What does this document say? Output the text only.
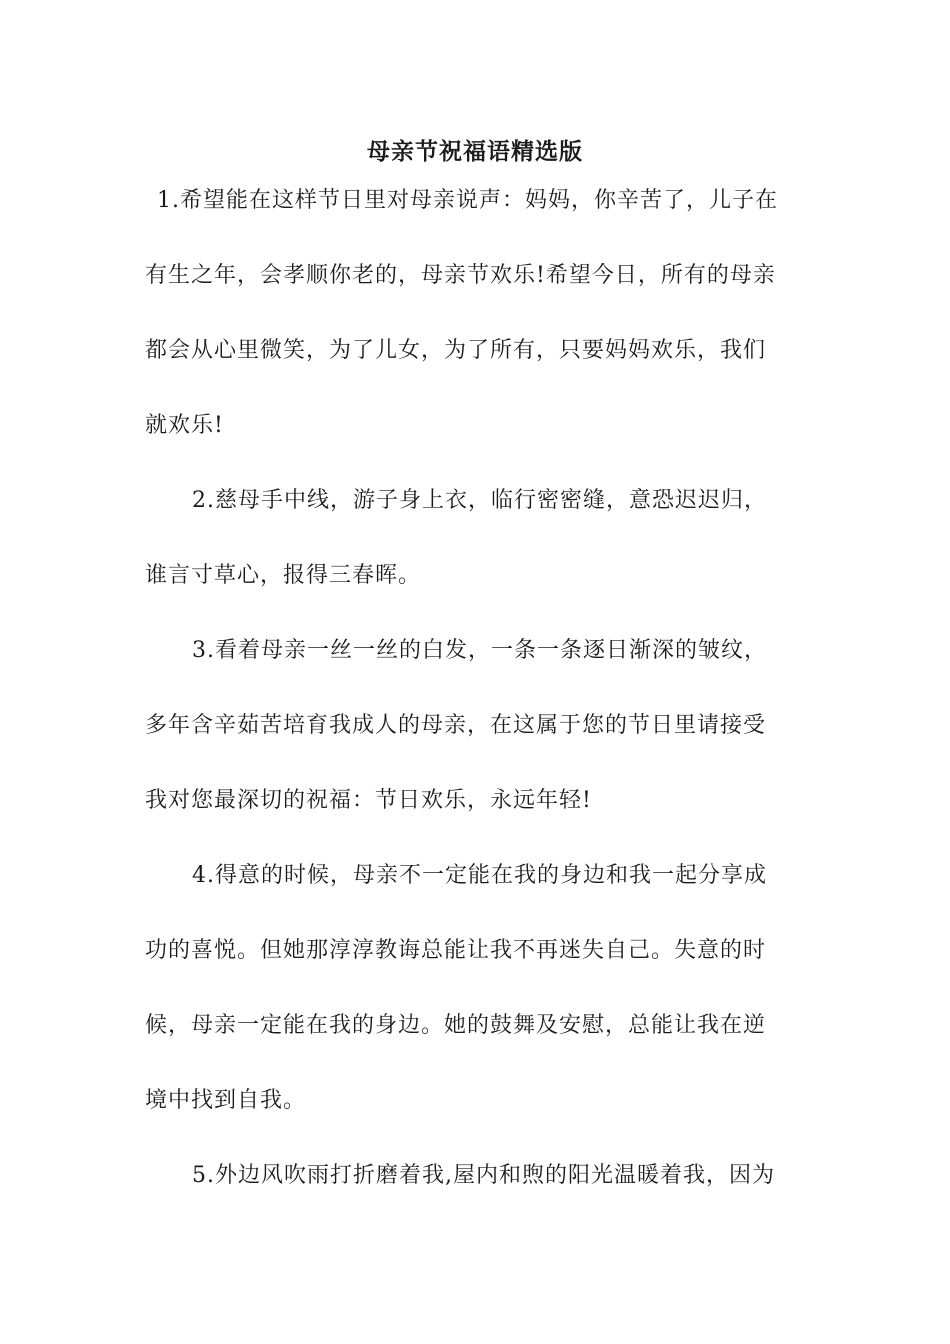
母亲节祝福语精选版
1.希望能在这样节日里对母亲说声：妈妈，你辛苦了，儿子在
有生之年，会孝顺你老的，母亲节欢乐!希望今日，所有的母亲
都会从心里微笑，为了儿女，为了所有，只要妈妈欢乐，我们
就欢乐!
2.慈母手中线，游子身上衣，临行密密缝，意恐迟迟归，
谁言寸草心，报得三春晖。
3.看着母亲一丝一丝的白发，一条一条逐日渐深的皱纹，
多年含辛茹苦培育我成人的母亲，在这属于您的节日里请接受
我对您最深切的祝福：节日欢乐，永远年轻!
4.得意的时候，母亲不一定能在我的身边和我一起分享成
功的喜悦。但她那淳淳教诲总能让我不再迷失自己。失意的时
候，母亲一定能在我的身边。她的鼓舞及安慰，总能让我在逆
境中找到自我。
5.外边风吹雨打折磨着我,屋内和煦的阳光温暖着我，因为
